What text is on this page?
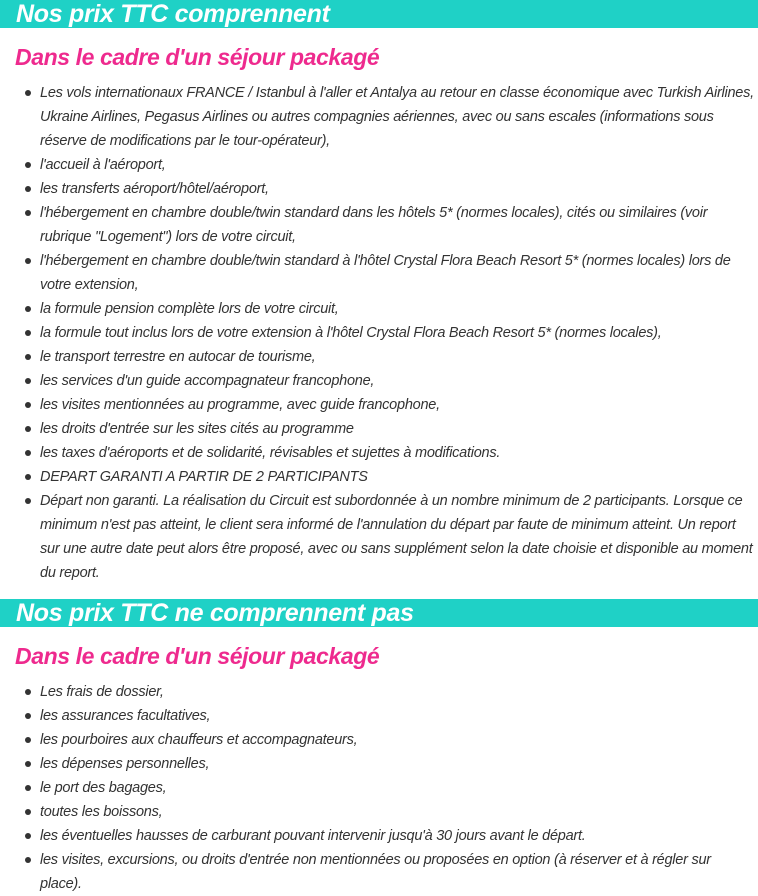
Nos prix TTC comprennent
Dans le cadre d'un séjour packagé
Les vols internationaux FRANCE / Istanbul à l'aller et Antalya au retour en classe économique avec Turkish Airlines, Ukraine Airlines, Pegasus Airlines ou autres compagnies aériennes, avec ou sans escales (informations sous réserve de modifications par le tour-opérateur),
l'accueil à l'aéroport,
les transferts aéroport/hôtel/aéroport,
l'hébergement en chambre double/twin standard dans les hôtels 5* (normes locales), cités ou similaires (voir rubrique "Logement") lors de votre circuit,
l'hébergement en chambre double/twin standard à l'hôtel Crystal Flora Beach Resort 5* (normes locales) lors de votre extension,
la formule pension complète lors de votre circuit,
la formule tout inclus lors de votre extension à l'hôtel Crystal Flora Beach Resort 5* (normes locales),
le transport terrestre en autocar de tourisme,
les services d'un guide accompagnateur francophone,
les visites mentionnées au programme, avec guide francophone,
les droits d'entrée sur les sites cités au programme
les taxes d'aéroports et de solidarité, révisables et sujettes à modifications.
DEPART GARANTI A PARTIR DE 2 PARTICIPANTS
Départ non garanti. La réalisation du Circuit est subordonnée à un nombre minimum de 2 participants. Lorsque ce minimum n'est pas atteint, le client sera informé de l'annulation du départ par faute de minimum atteint. Un report sur une autre date peut alors être proposé, avec ou sans supplément selon la date choisie et disponible au moment du report.
Nos prix TTC ne comprennent pas
Dans le cadre d'un séjour packagé
Les frais de dossier,
les assurances facultatives,
les pourboires aux chauffeurs et accompagnateurs,
les dépenses personnelles,
le port des bagages,
toutes les boissons,
les éventuelles hausses de carburant pouvant intervenir jusqu'à 30 jours avant le départ.
les visites, excursions, ou droits d'entrée non mentionnées ou proposées en option (à réserver et à régler sur place).
